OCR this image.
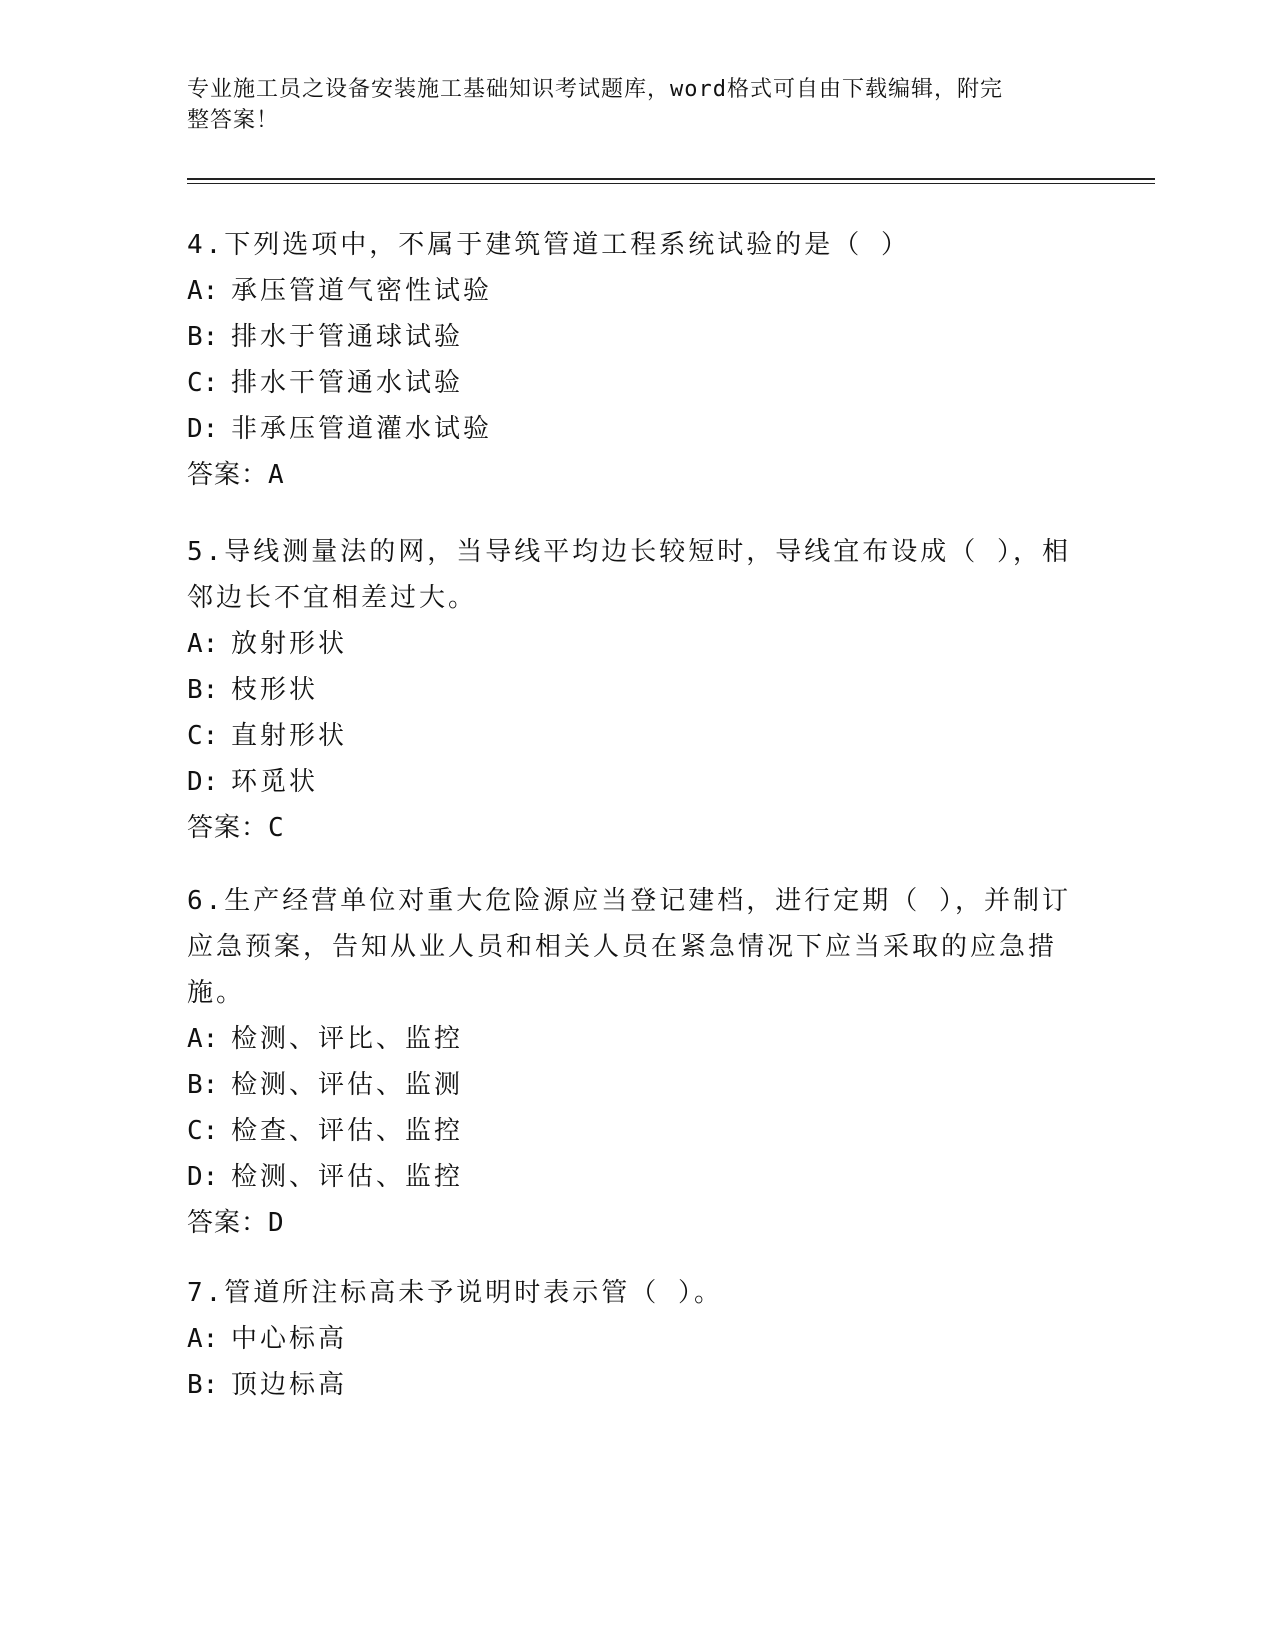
专业施工员之设备安装施工基础知识考试题库，word格式可自由下载编辑，附完
整答案！

4.下列选项中，不属于建筑管道工程系统试验的是（ ）

A: 承压管道气密性试验

B: 排水于管通球试验

C: 排水干管通水试验

D: 非承压管道灌水试验

答案：A

5.导线测量法的网，当导线平均边长较短时，导线宜布设成（ ），相邻边长不宜相差过大。

A: 放射形状

B: 枝形状

C: 直射形状

D: 环觅状

答案：C

6.生产经营单位对重大危险源应当登记建档，进行定期（ ），并制订应急预案，告知从业人员和相关人员在紧急情况下应当采取的应急措施。

A: 检测、评比、监控

B: 检测、评估、监测

C: 检查、评估、监控

D: 检测、评估、监控

答案：D

7.管道所注标高未予说明时表示管（ ）。

A: 中心标高

B: 顶边标高
